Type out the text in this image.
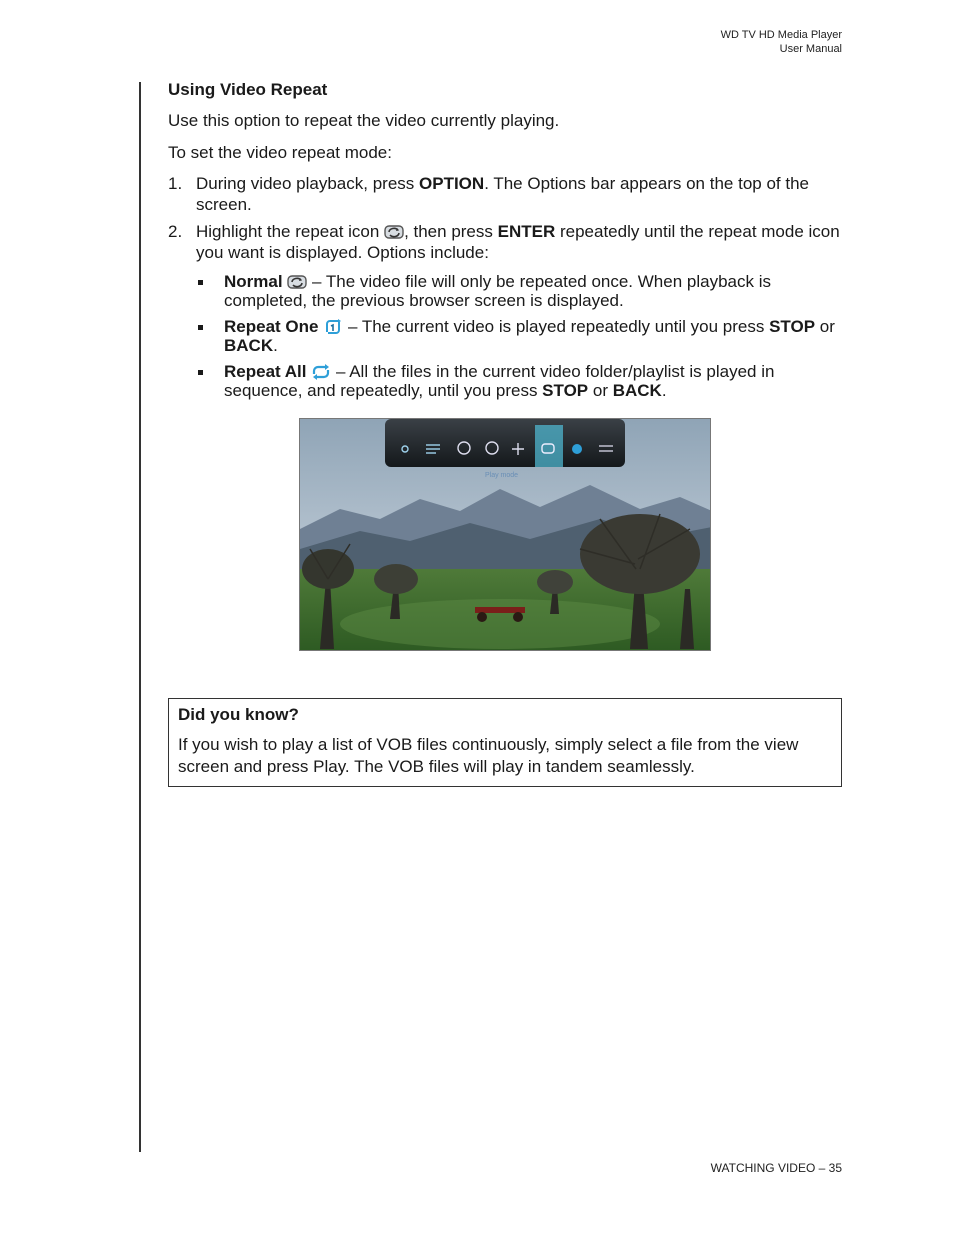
WD TV HD Media Player
User Manual
Using Video Repeat

Use this option to repeat the video currently playing.

To set the video repeat mode:

1. During video playback, press OPTION. The Options bar appears on the top of the screen.
2. Highlight the repeat icon , then press ENTER repeatedly until the repeat mode icon you want is displayed. Options include:
Normal  – The video file will only be repeated once. When playback is completed, the previous browser screen is displayed.
Repeat One  – The current video is played repeatedly until you press STOP or BACK.
Repeat All  – All the files in the current video folder/playlist is played in sequence, and repeatedly, until you press STOP or BACK.
Play mode
Did you know?

If you wish to play a list of VOB files continuously, simply select a file from the view screen and press Play. The VOB files will play in tandem seamlessly.

WATCHING VIDEO – 35
